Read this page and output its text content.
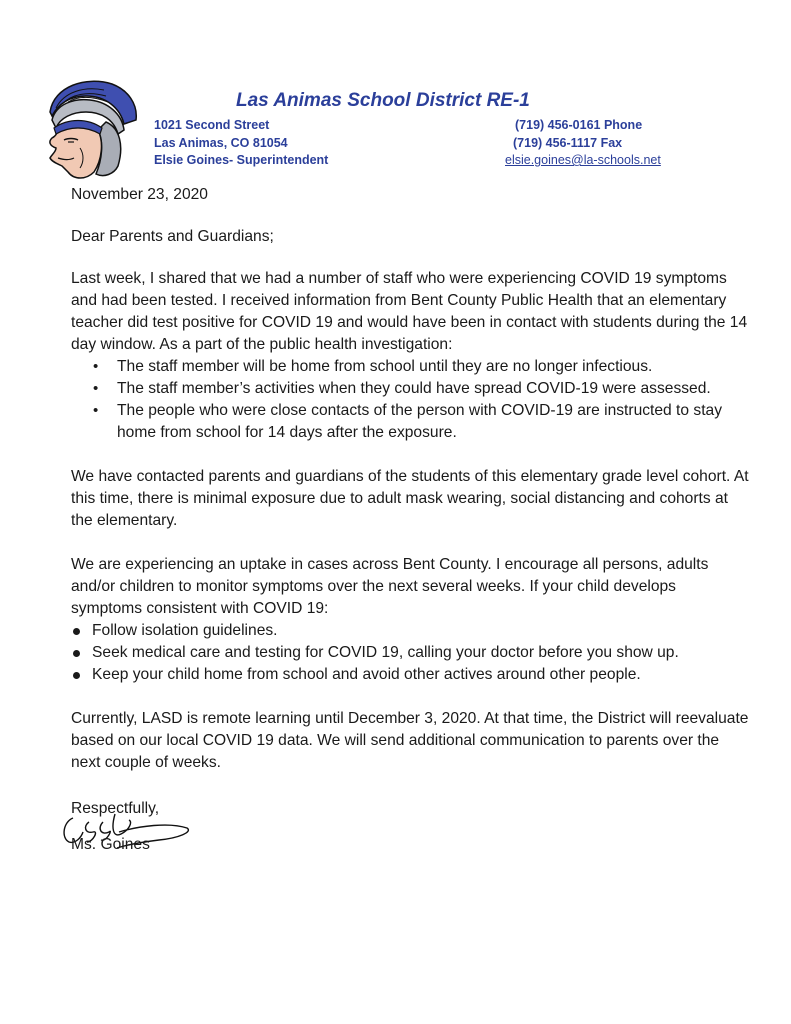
Las Animas School District RE-1
1021 Second Street
Las Animas, CO 81054
Elsie Goines- Superintendent
(719) 456-0161 Phone
(719) 456-1117 Fax
elsie.goines@la-schools.net

November 23, 2020

Dear Parents and Guardians;

Last week, I shared that we had a number of staff who were experiencing COVID 19 symptoms and had been tested. I received information from Bent County Public Health that an elementary teacher did test positive for COVID 19 and would have been in contact with students during the 14 day window. As a part of the public health investigation:

• The staff member will be home from school until they are no longer infectious.
• The staff member’s activities when they could have spread COVID-19 were assessed.
• The people who were close contacts of the person with COVID-19 are instructed to stay home from school for 14 days after the exposure.

We have contacted parents and guardians of the students of this elementary grade level cohort. At this time, there is minimal exposure due to adult mask wearing, social distancing and cohorts at the elementary.

We are experiencing an uptake in cases across Bent County. I encourage all persons, adults and/or children to monitor symptoms over the next several weeks. If your child develops symptoms consistent with COVID 19:

Follow isolation guidelines.
Seek medical care and testing for COVID 19, calling your doctor before you show up.
Keep your child home from school and avoid other actives around other people.

Currently, LASD is remote learning until December 3, 2020. At that time, the District will reevaluate based on our local COVID 19 data. We will send additional communication to parents over the next couple of weeks.

Respectfully,

Ms. Goines
